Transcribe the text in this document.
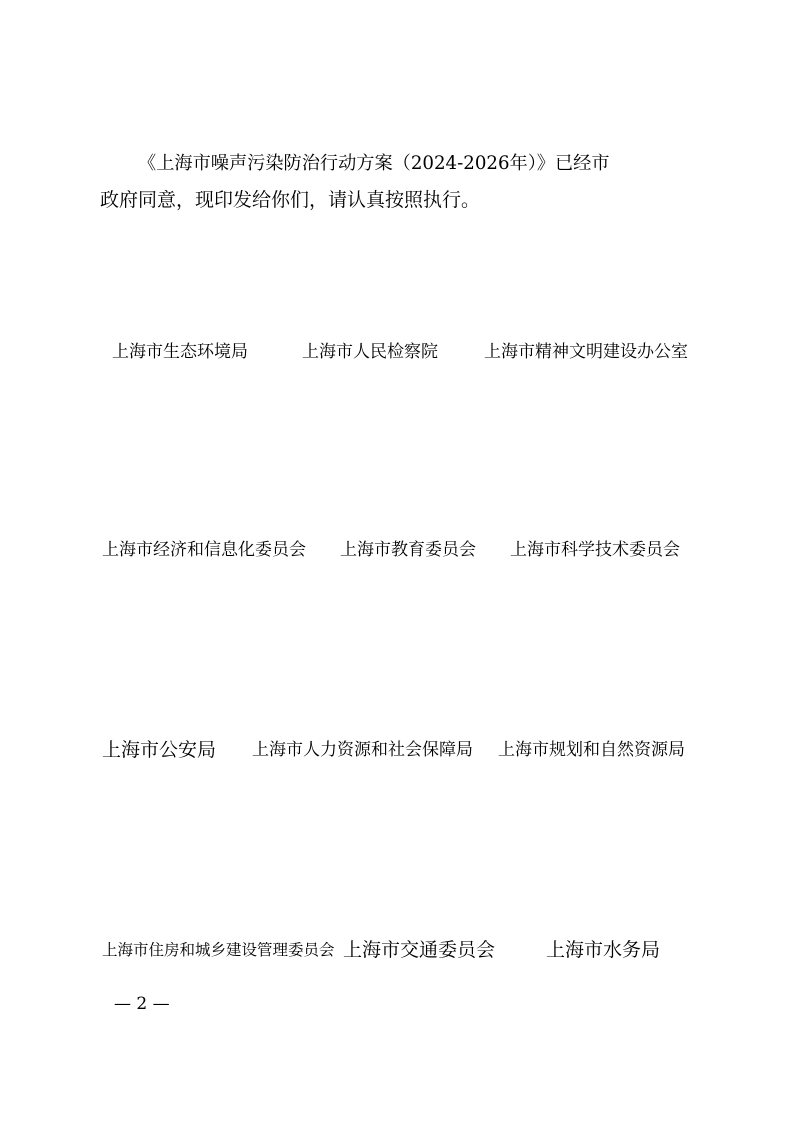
《上海市噪声污染防治行动方案（2024-2026年）》已经市
政府同意，现印发给你们，请认真按照执行。
上海市生态环境局	上海市人民检察院	上海市精神文明建设办公室
上海市经济和信息化委员会 上海市教育委员会 上海市科学技术委员会
上海市公安局 上海市人力资源和社会保障局 上海市规划和自然资源局
上海市住房和城乡建设管理委员会 上海市交通委员会	上海市水务局
— 2 —
